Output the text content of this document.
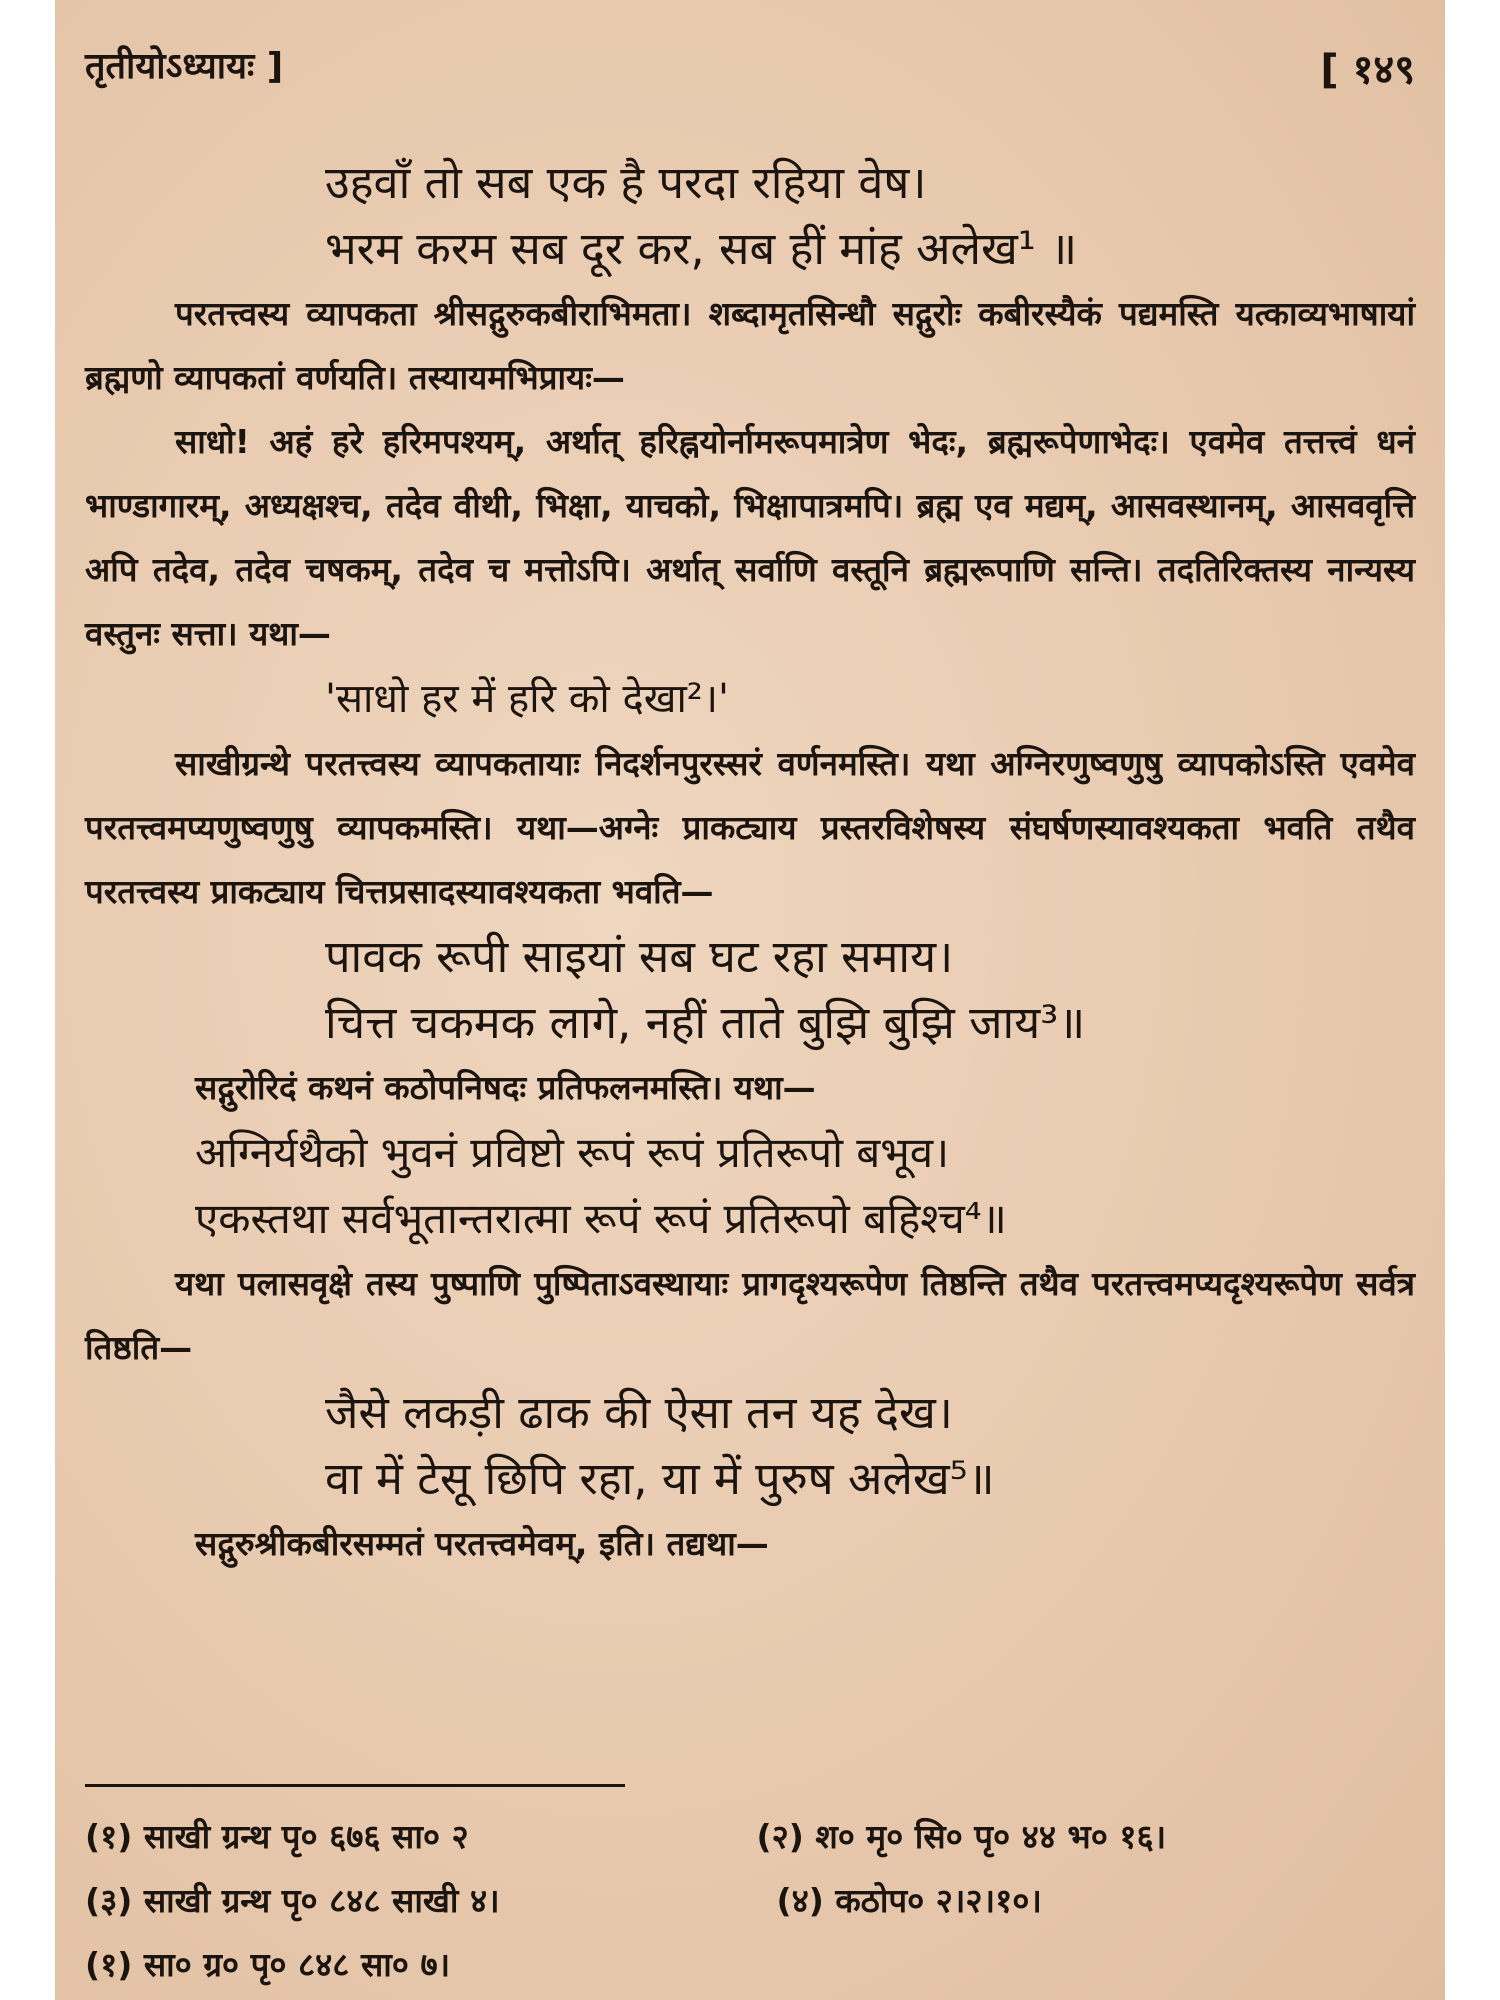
तृतीयोऽध्यायः ]	[ १४९
उहवाँ तो सब एक है परदा रहिया वेष।
भरम करम सब दूर कर, सब हीं मांह अलेख¹ ॥
परतत्त्वस्य व्यापकता श्रीसद्गुरुकबीराभिमता। शब्दामृतसिन्धौ सद्गुरोः कबीरस्यैकं पद्यमस्ति यत्काव्यभाषायां ब्रह्मणो व्यापकतां वर्णयति। तस्यायमभिप्रायः—
साधो! अहं हरे हरिमपश्यम्, अर्थात् हरिह्नयोर्नामरूपमात्रेण भेदः, ब्रह्मरूपेणाभेदः। एवमेव तत्तत्त्वं धनं भाण्डागारम्, अध्यक्षश्च, तदेव वीथी, भिक्षा, याचको, भिक्षापात्रमपि। ब्रह्म एव मद्यम्, आसवस्थानम्, आसववृत्ति अपि तदेव, तदेव चषकम्, तदेव च मत्तोऽपि। अर्थात् सर्वाणि वस्तूनि ब्रह्मरूपाणि सन्ति। तदतिरिक्तस्य नान्यस्य वस्तुनः सत्ता। यथा—
'साधो हर में हरि को देखा²।'
साखीग्रन्थे परतत्त्वस्य व्यापकतायाः निदर्शनपुरस्सरं वर्णनमस्ति। यथा अग्निरणुष्वणुषु व्यापकोऽस्ति एवमेव परतत्त्वमप्यणुष्वणुषु व्यापकमस्ति। यथा—अग्नेः प्राकट्याय प्रस्तरविशेषस्य संघर्षणस्यावश्यकता भवति तथैव परतत्त्वस्य प्राकट्याय चित्तप्रसादस्यावश्यकता भवति—
पावक रूपी साइयां सब घट रहा समाय।
चित्त चकमक लागे, नहीं ताते बुझि बुझि जाय³॥
सद्गुरोरिदं कथनं कठोपनिषदः प्रतिफलनमस्ति। यथा—
अग्निर्यथैको भुवनं प्रविष्टो रूपं रूपं प्रतिरूपो बभूव।
एकस्तथा सर्वभूतान्तरात्मा रूपं रूपं प्रतिरूपो बहिश्च⁴॥
यथा पलासवृक्षे तस्य पुष्पाणि पुष्पिताऽवस्थायाः प्रागदृश्यरूपेण तिष्ठन्ति तथैव परतत्त्वमप्यदृश्यरूपेण सर्वत्र तिष्ठति—
जैसे लकड़ी ढाक की ऐसा तन यह देख।
वा में टेसू छिपि रहा, या में पुरुष अलेख⁵॥
सद्गुरुश्रीकबीरसम्मतं परतत्त्वमेवम्, इति। तद्यथा—
(१) साखी ग्रन्थ पृ० ६७६ सा० २	(२) श० मृ० सि० पृ० ४४ भ० १६।
(३) साखी ग्रन्थ पृ० ८४८ साखी ४।	(४) कठोप० २।२।१०।
(१) सा० ग्र० पृ० ८४८ सा० ७।
